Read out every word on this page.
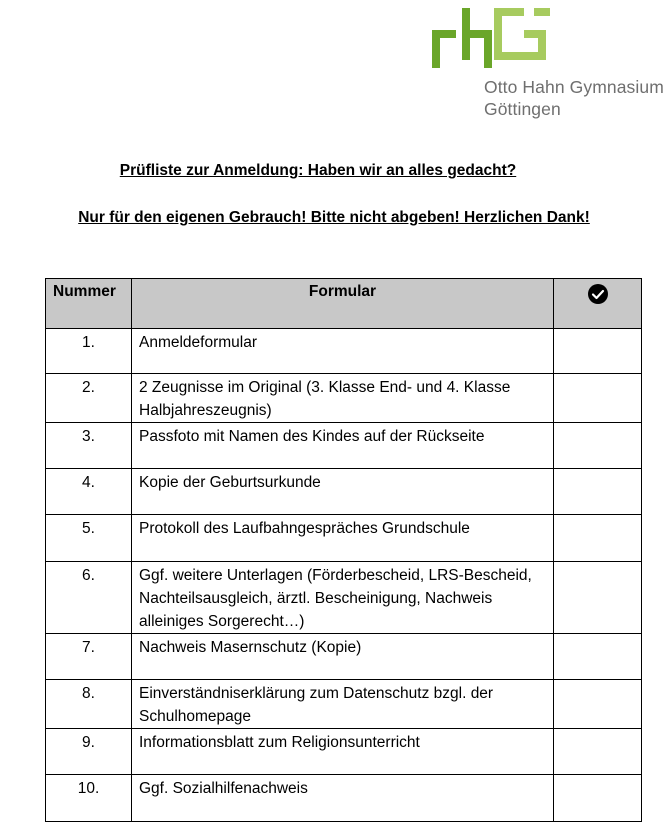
Otto Hahn Gymnasium
Göttingen
Prüfliste zur Anmeldung: Haben wir an alles gedacht?
Nur für den eigenen Gebrauch! Bitte nicht abgeben! Herzlichen Dank!
Nummer	Formular	
1.	Anmeldeformular	
2.	2 Zeugnisse im Original (3. Klasse End- und 4. Klasse Halbjahreszeugnis)	
3.	Passfoto mit Namen des Kindes auf der Rückseite	
4.	Kopie der Geburtsurkunde	
5.	Protokoll des Laufbahngespräches Grundschule	
6.	Ggf. weitere Unterlagen (Förderbescheid, LRS-Bescheid, Nachteilsausgleich, ärztl. Bescheinigung, Nachweis alleiniges Sorgerecht…)	
7.	Nachweis Masernschutz (Kopie)	
8.	Einverständniserklärung zum Datenschutz bzgl. der Schulhomepage	
9.	Informationsblatt zum Religionsunterricht	
10.	Ggf. Sozialhilfenachweis	
